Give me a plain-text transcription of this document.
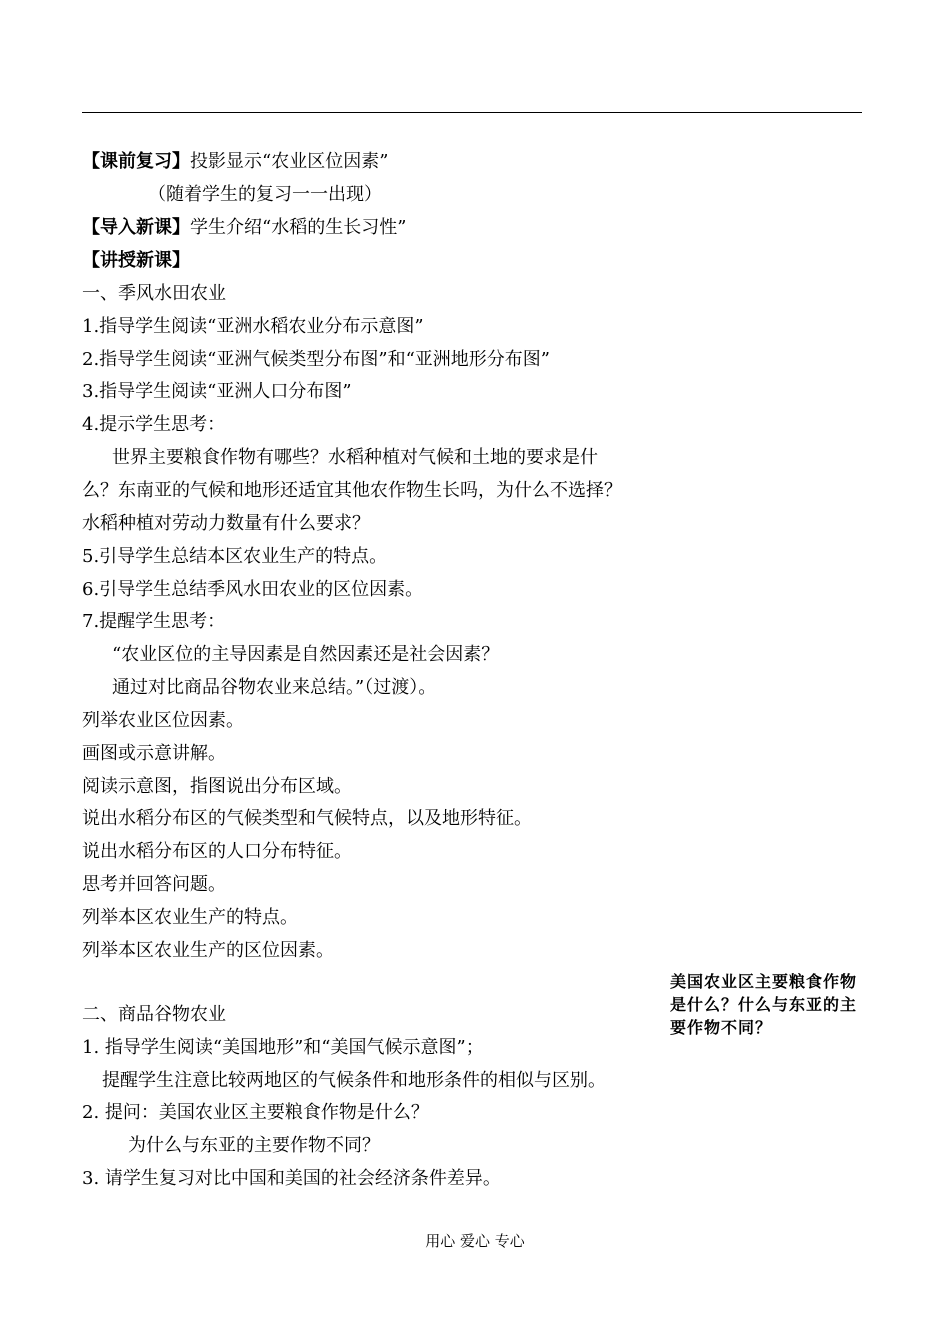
【课前复习】投影显示“农业区位因素”
（随着学生的复习一一出现）
【导入新课】学生介绍“水稻的生长习性”
【讲授新课】
一、季风水田农业
1.指导学生阅读“亚洲水稻农业分布示意图”
2.指导学生阅读“亚洲气候类型分布图”和“亚洲地形分布图”
3.指导学生阅读“亚洲人口分布图”
4.提示学生思考：
世界主要粮食作物有哪些？水稻种植对气候和土地的要求是什
么？东南亚的气候和地形还适宜其他农作物生长吗，为什么不选择？
水稻种植对劳动力数量有什么要求？
5.引导学生总结本区农业生产的特点。
6.引导学生总结季风水田农业的区位因素。
7.提醒学生思考：
“农业区位的主导因素是自然因素还是社会因素？
通过对比商品谷物农业来总结。”（过渡）。
列举农业区位因素。
画图或示意讲解。
阅读示意图，指图说出分布区域。
说出水稻分布区的气候类型和气候特点，以及地形特征。
说出水稻分布区的人口分布特征。
思考并回答问题。
列举本区农业生产的特点。
列举本区农业生产的区位因素。
美国农业区主要粮食作物是什么？什么与东亚的主要作物不同？
二、商品谷物农业
1. 指导学生阅读“美国地形”和“美国气候示意图”；
提醒学生注意比较两地区的气候条件和地形条件的相似与区别。
2. 提问：美国农业区主要粮食作物是什么？
为什么与东亚的主要作物不同？
3. 请学生复习对比中国和美国的社会经济条件差异。
用心 爱心 专心
